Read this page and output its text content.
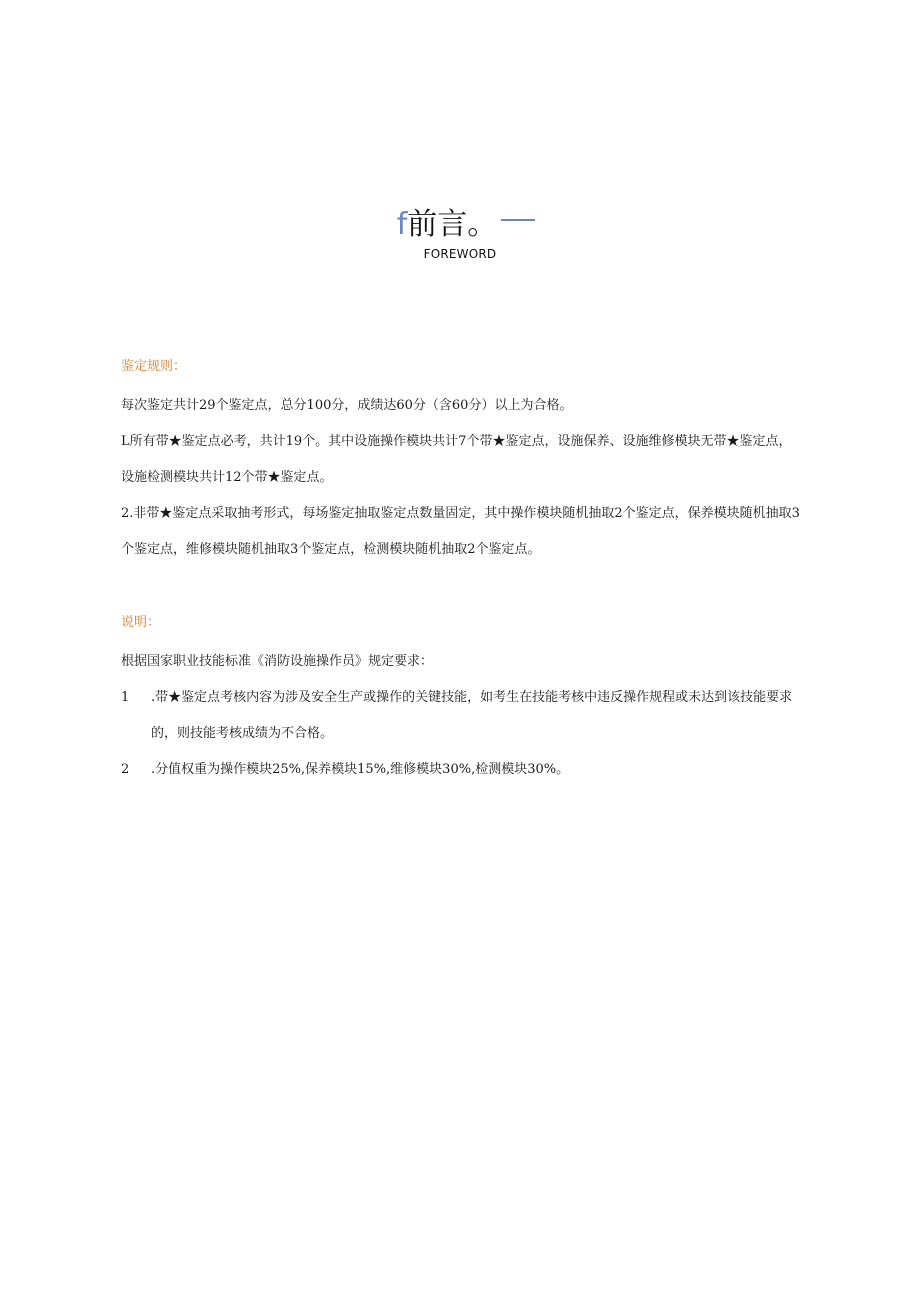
f前言。
FOREWORD
鉴定规则：

每次鉴定共计29个鉴定点，总分100分，成绩达60分（含60分）以上为合格。

L所有带★鉴定点必考，共计19个。其中设施操作模块共计7个带★鉴定点，设施保养、设施维修模块无带★鉴定点，设施检测模块共计12个带★鉴定点。

2.非带★鉴定点采取抽考形式，每场鉴定抽取鉴定点数量固定，其中操作模块随机抽取2个鉴定点，保养模块随机抽取3个鉴定点，维修模块随机抽取3个鉴定点，检测模块随机抽取2个鉴定点。

说明：

根据国家职业技能标准《消防设施操作员》规定要求：

1	.带★鉴定点考核内容为涉及安全生产或操作的关键技能，如考生在技能考核中违反操作规程或未达到该技能要求的，则技能考核成绩为不合格。
2	.分值权重为操作模块25%,保养模块15%,维修模块30%,检测模块30%。
